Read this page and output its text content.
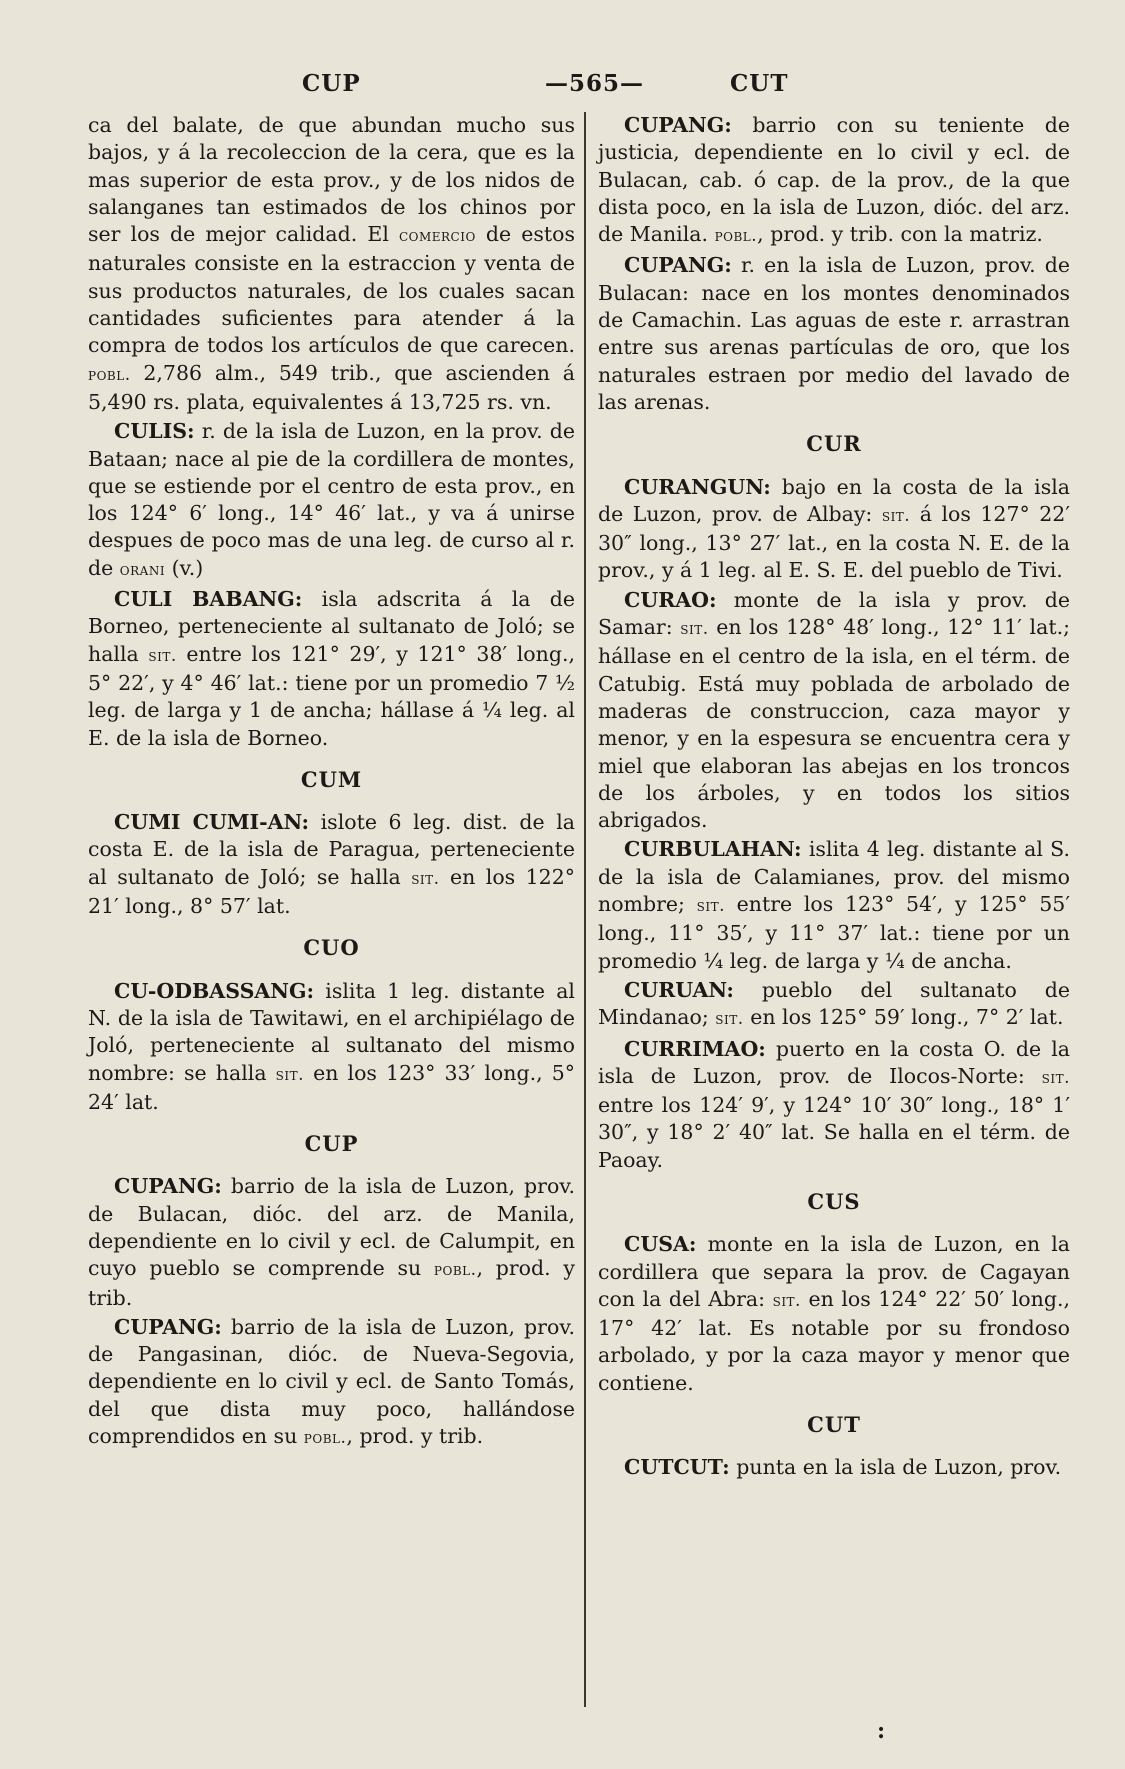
CUP	—565—	CUT

ca del balate, de que abundan mucho sus bajos, y á la recoleccion de la cera, que es la mas superior de esta prov., y de los nidos de salanganes tan estimados de los chinos por ser los de mejor calidad. El comercio de estos naturales consiste en la estraccion y venta de sus productos naturales, de los cuales sacan cantidades suficientes para atender á la compra de todos los artículos de que carecen. pobl. 2,786 alm., 549 trib., que ascienden á 5,490 rs. plata, equivalentes á 13,725 rs. vn.

CULIS: r. de la isla de Luzon, en la prov. de Bataan; nace al pie de la cordillera de montes, que se estiende por el centro de esta prov., en los 124° 6′ long., 14° 46′ lat., y va á unirse despues de poco mas de una leg. de curso al r. de orani (v.)

CULI BABANG: isla adscrita á la de Borneo, perteneciente al sultanato de Joló; se halla sit. entre los 121° 29′, y 121° 38′ long., 5° 22′, y 4° 46′ lat.: tiene por un promedio 7 ½ leg. de larga y 1 de ancha; hállase á ¼ leg. al E. de la isla de Borneo.

CUM

CUMI CUMI-AN: islote 6 leg. dist. de la costa E. de la isla de Paragua, perteneciente al sultanato de Joló; se halla sit. en los 122° 21′ long., 8° 57′ lat.

CUO

CU-ODBASSANG: islita 1 leg. distante al N. de la isla de Tawitawi, en el archipiélago de Joló, perteneciente al sultanato del mismo nombre: se halla sit. en los 123° 33′ long., 5° 24′ lat.

CUP

CUPANG: barrio de la isla de Luzon, prov. de Bulacan, dióc. del arz. de Manila, dependiente en lo civil y ecl. de Calumpit, en cuyo pueblo se comprende su pobl., prod. y trib.

CUPANG: barrio de la isla de Luzon, prov. de Pangasinan, dióc. de Nueva-Segovia, dependiente en lo civil y ecl. de Santo Tomás, del que dista muy poco, hallándose comprendidos en su pobl., prod. y trib.

CUPANG: barrio con su teniente de justicia, dependiente en lo civil y ecl. de Bulacan, cab. ó cap. de la prov., de la que dista poco, en la isla de Luzon, dióc. del arz. de Manila. pobl., prod. y trib. con la matriz.

CUPANG: r. en la isla de Luzon, prov. de Bulacan: nace en los montes denominados de Camachin. Las aguas de este r. arrastran entre sus arenas partículas de oro, que los naturales estraen por medio del lavado de las arenas.

CUR

CURANGUN: bajo en la costa de la isla de Luzon, prov. de Albay: sit. á los 127° 22′ 30″ long., 13° 27′ lat., en la costa N. E. de la prov., y á 1 leg. al E. S. E. del pueblo de Tivi.

CURAO: monte de la isla y prov. de Samar: sit. en los 128° 48′ long., 12° 11′ lat.; hállase en el centro de la isla, en el térm. de Catubig. Está muy poblada de arbolado de maderas de construccion, caza mayor y menor, y en la espesura se encuentra cera y miel que elaboran las abejas en los troncos de los árboles, y en todos los sitios abrigados.

CURBULAHAN: islita 4 leg. distante al S. de la isla de Calamianes, prov. del mismo nombre; sit. entre los 123° 54′, y 125° 55′ long., 11° 35′, y 11° 37′ lat.: tiene por un promedio ¼ leg. de larga y ¼ de ancha.

CURUAN: pueblo del sultanato de Mindanao; sit. en los 125° 59′ long., 7° 2′ lat.

CURRIMAO: puerto en la costa O. de la isla de Luzon, prov. de Ilocos-Norte: sit. entre los 124′ 9′, y 124° 10′ 30″ long., 18° 1′ 30″, y 18° 2′ 40″ lat. Se halla en el térm. de Paoay.

CUS

CUSA: monte en la isla de Luzon, en la cordillera que separa la prov. de Cagayan con la del Abra: sit. en los 124° 22′ 50′ long., 17° 42′ lat. Es notable por su frondoso arbolado, y por la caza mayor y menor que contiene.

CUT

CUTCUT: punta en la isla de Luzon, prov.

:
